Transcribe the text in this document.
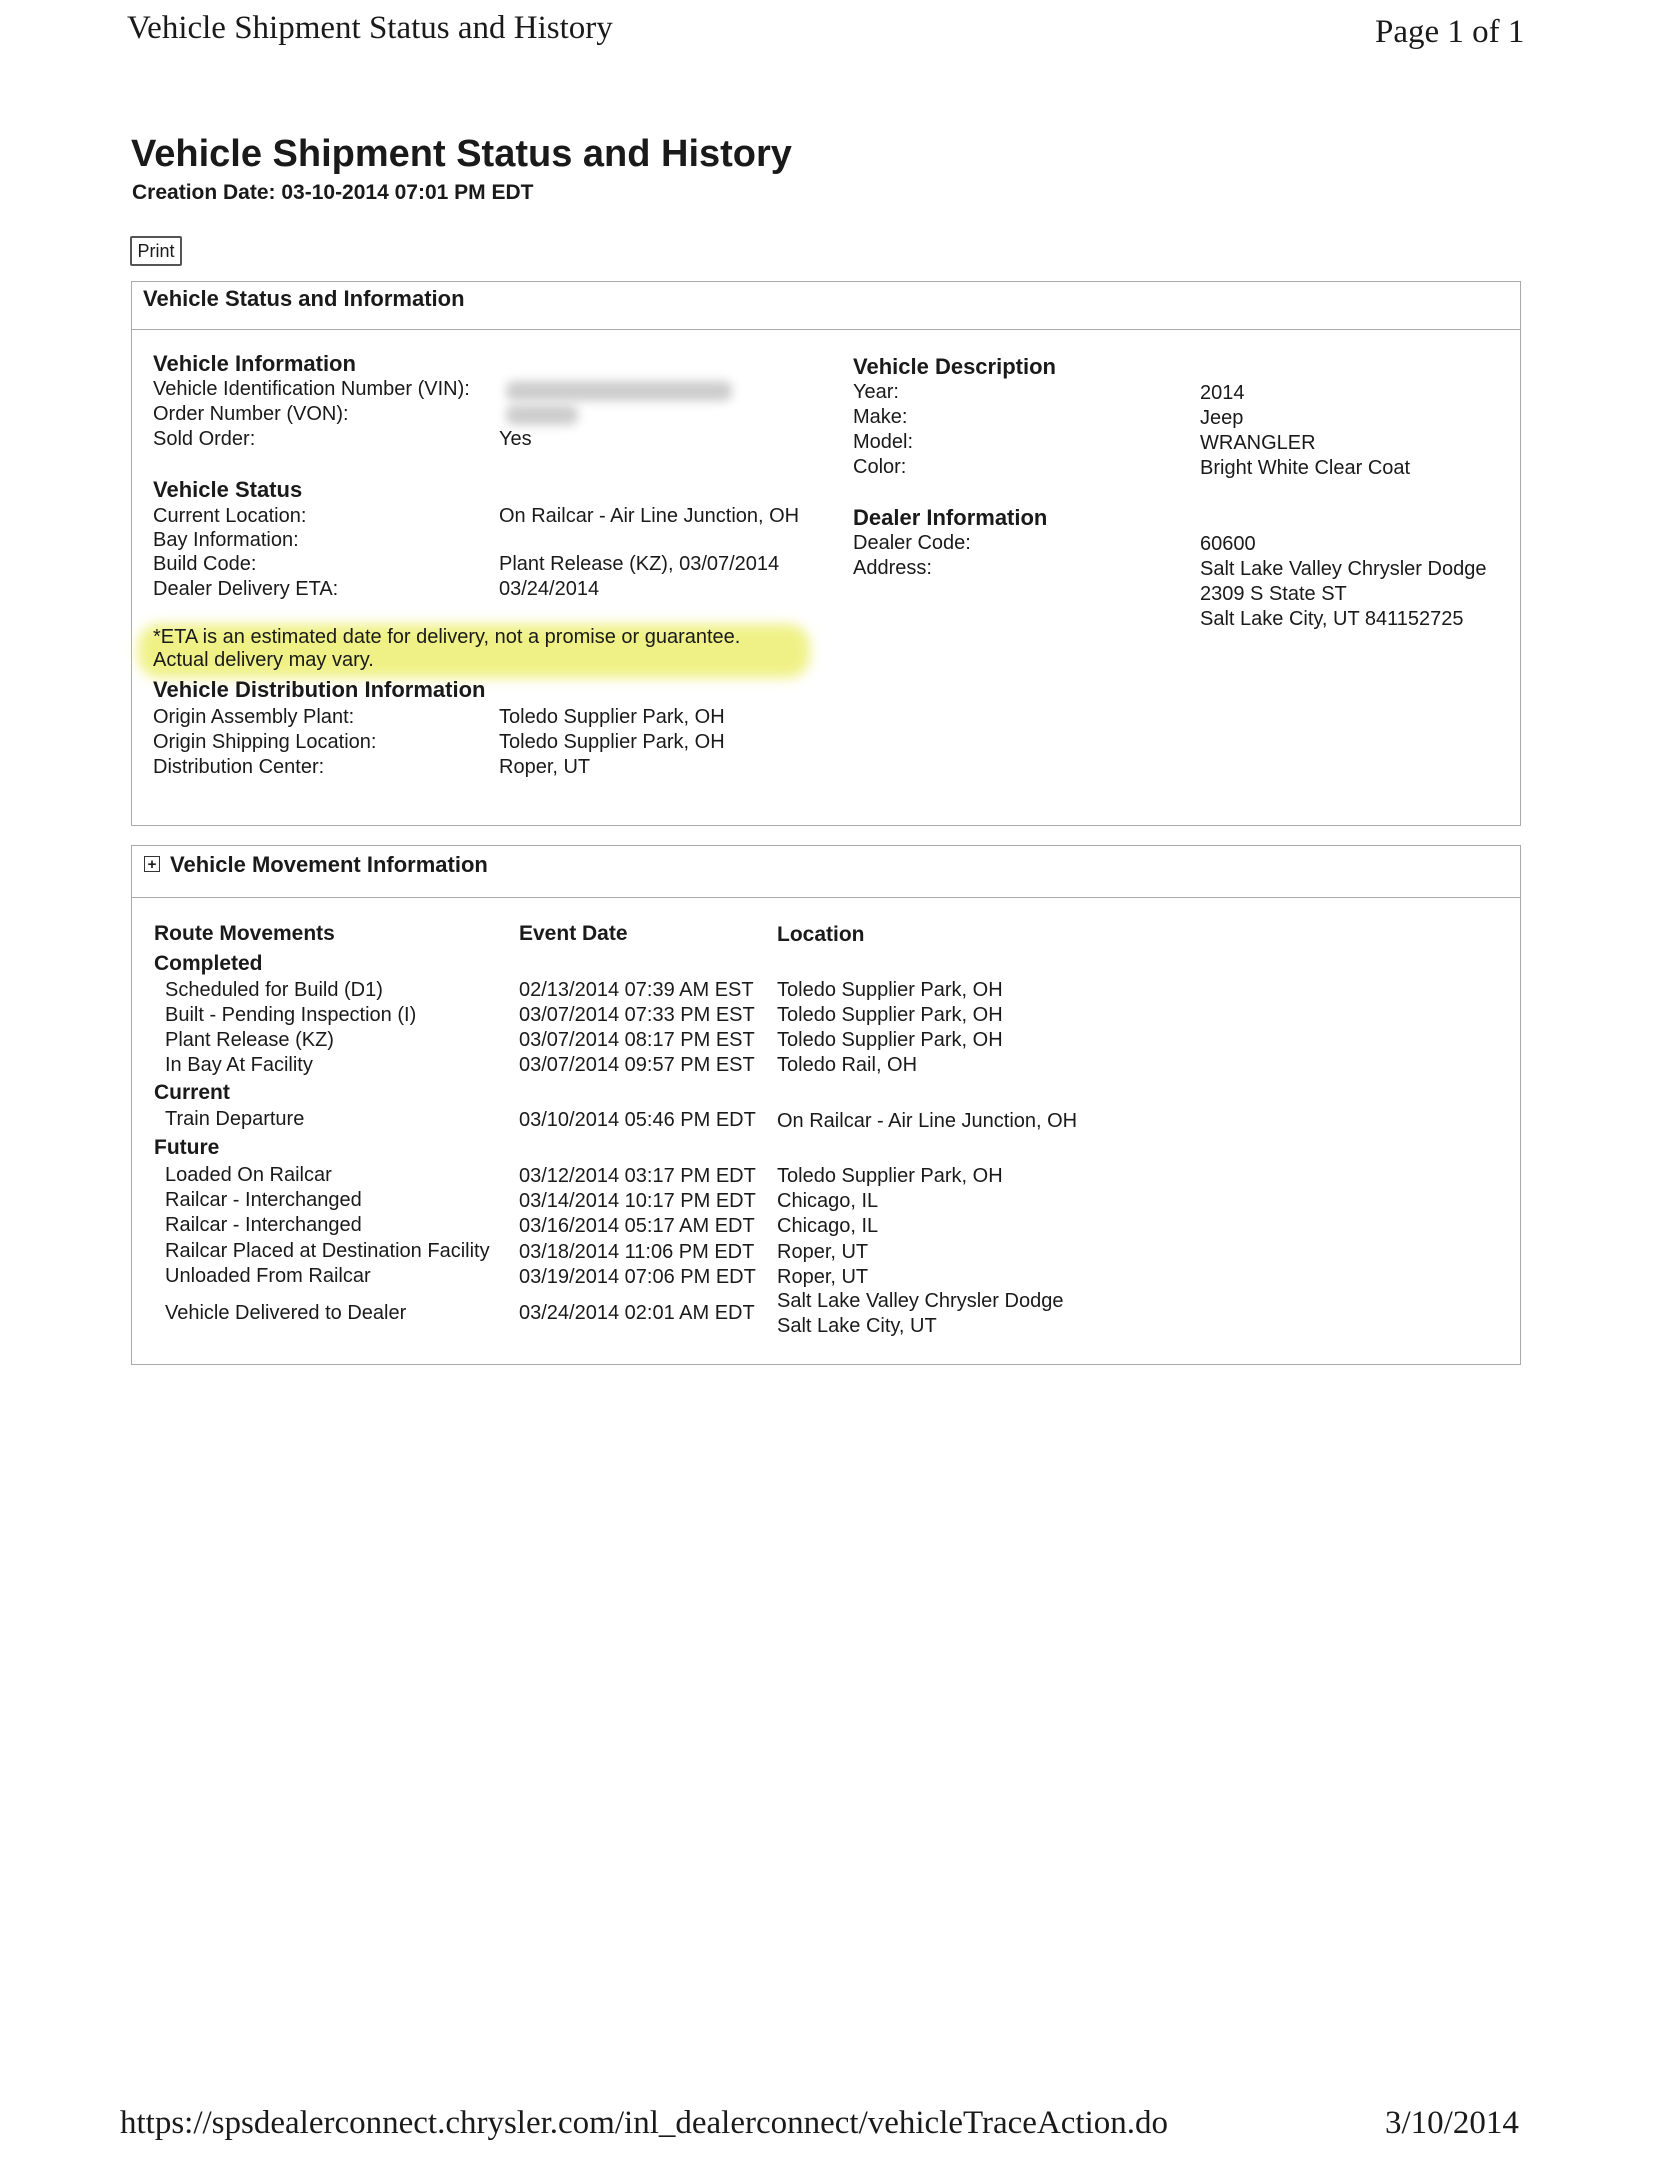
Vehicle Shipment Status and History	Page 1 of 1
https://spsdealerconnect.chrysler.com/inl_dealerconnect/vehicleTraceAction.do	3/10/2014
Vehicle Shipment Status and History
Creation Date: 03-10-2014 07:01 PM EDT
Print
Vehicle Status and Information
Vehicle Information
Vehicle Identification Number (VIN):
Order Number (VON):
Sold Order:	Yes
Vehicle Status
Current Location:	On Railcar - Air Line Junction, OH
Bay Information:
Build Code:	Plant Release (KZ), 03/07/2014
Dealer Delivery ETA:	03/24/2014
*ETA is an estimated date for delivery, not a promise or guarantee.
Actual delivery may vary.
Vehicle Distribution Information
Origin Assembly Plant:	Toledo Supplier Park, OH
Origin Shipping Location:	Toledo Supplier Park, OH
Distribution Center:	Roper, UT
Vehicle Description
Year:	2014
Make:	Jeep
Model:	WRANGLER
Color:	Bright White Clear Coat
Dealer Information
Dealer Code:	60600
Address:	Salt Lake Valley Chrysler Dodge
2309 S State ST
Salt Lake City, UT 841152725
+ Vehicle Movement Information
Route Movements	Event Date	Location
Completed
Scheduled for Build (D1)	02/13/2014 07:39 AM EST Toledo Supplier Park, OH
Built - Pending Inspection (I)	03/07/2014 07:33 PM EST Toledo Supplier Park, OH
Plant Release (KZ)	03/07/2014 08:17 PM EST Toledo Supplier Park, OH
In Bay At Facility	03/07/2014 09:57 PM EST Toledo Rail, OH
Current
Train Departure	03/10/2014 05:46 PM EDT On Railcar - Air Line Junction, OH
Future
Loaded On Railcar	03/12/2014 03:17 PM EDT Toledo Supplier Park, OH
Railcar - Interchanged	03/14/2014 10:17 PM EDT Chicago, IL
Railcar - Interchanged	03/16/2014 05:17 AM EDT Chicago, IL
Railcar Placed at Destination Facility 03/18/2014 11:06 PM EDT Roper, UT
Unloaded From Railcar	03/19/2014 07:06 PM EDT Roper, UT
Vehicle Delivered to Dealer	03/24/2014 02:01 AM EDT
Salt Lake Valley Chrysler Dodge
Salt Lake City, UT
